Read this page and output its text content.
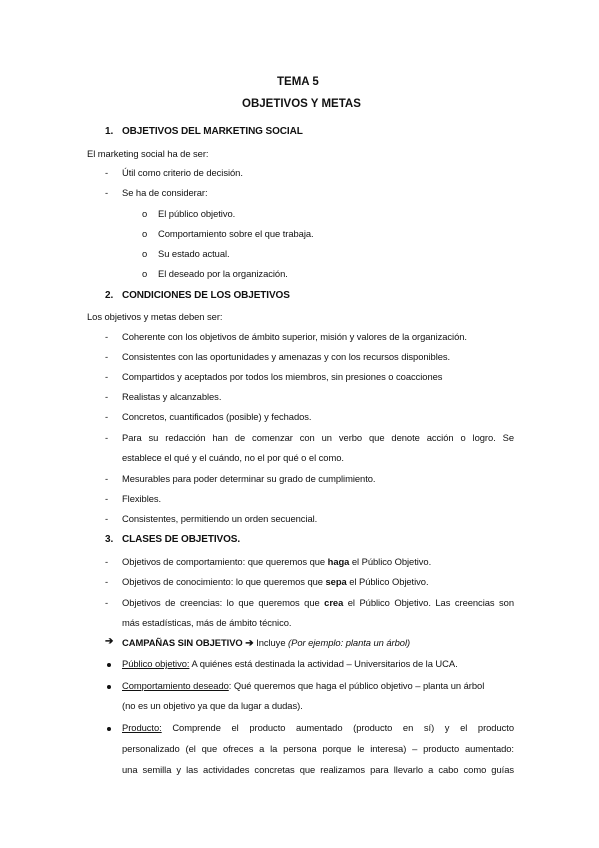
TEMA 5
OBJETIVOS Y METAS
1. OBJETIVOS DEL MARKETING SOCIAL
El marketing social ha de ser:
- Útil como criterio de decisión.
- Se ha de considerar:
o El público objetivo.
o Comportamiento sobre el que trabaja.
o Su estado actual.
o El deseado por la organización.
2. CONDICIONES DE LOS OBJETIVOS
Los objetivos y metas deben ser:
- Coherente con los objetivos de ámbito superior, misión y valores de la organización.
- Consistentes con las oportunidades y amenazas y con los recursos disponibles.
- Compartidos y aceptados por todos los miembros, sin presiones o coacciones
- Realistas y alcanzables.
- Concretos, cuantificados (posible) y fechados.
- Para su redacción han de comenzar con un verbo que denote acción o logro. Se
establece el qué y el cuándo, no el por qué o el como.
- Mesurables para poder determinar su grado de cumplimiento.
- Flexibles.
- Consistentes, permitiendo un orden secuencial.
3. CLASES DE OBJETIVOS.
- Objetivos de comportamiento: que queremos que haga el Público Objetivo.
- Objetivos de conocimiento: lo que queremos que sepa el Público Objetivo.
- Objetivos de creencias: lo que queremos que crea el Público Objetivo. Las creencias son
más estadísticas, más de ámbito técnico.
➔ CAMPAÑAS SIN OBJETIVO ➔ Incluye (Por ejemplo: planta un árbol)
Público objetivo: A quiénes está destinada la actividad – Universitarios de la UCA.
Comportamiento deseado: Qué queremos que haga el público objetivo – planta un árbol
(no es un objetivo ya que da lugar a dudas).
Producto: Comprende el producto aumentado (producto en sí) y el producto
personalizado (el que ofreces a la persona porque le interesa) – producto aumentado:
una semilla y las actividades concretas que realizamos para llevarlo a cabo como guías
